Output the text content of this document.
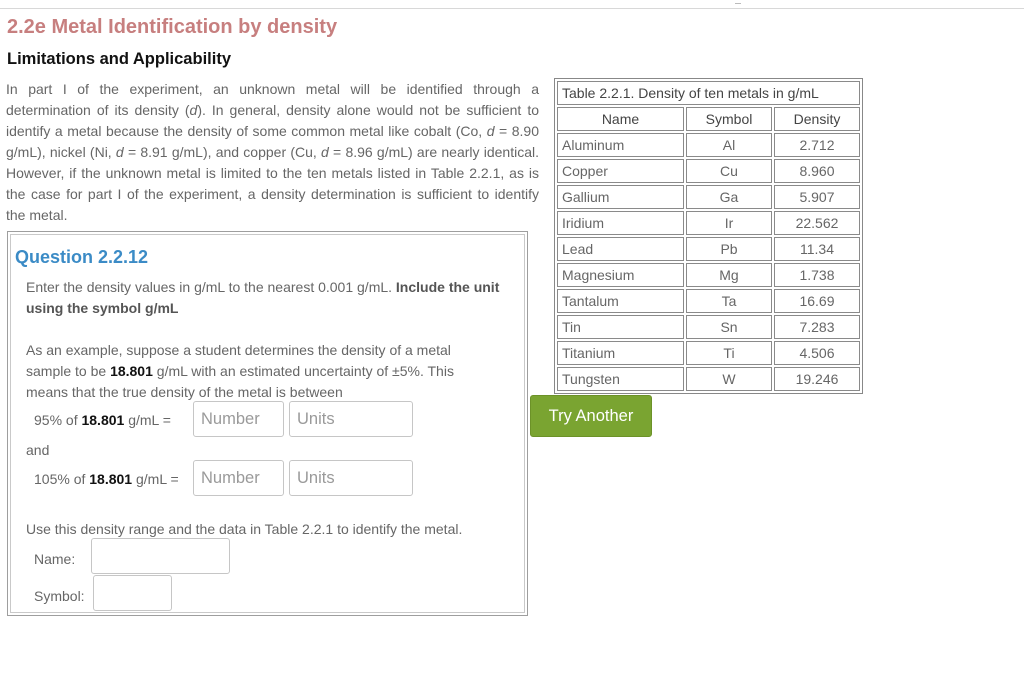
2.2e Metal Identification by density
Limitations and Applicability
In part I of the experiment, an unknown metal will be identified through a determination of its density (d). In general, density alone would not be sufficient to identify a metal because the density of some common metal like cobalt (Co, d = 8.90 g/mL), nickel (Ni, d = 8.91 g/mL), and copper (Cu, d = 8.96 g/mL) are nearly identical. However, if the unknown metal is limited to the ten metals listed in Table 2.2.1, as is the case for part I of the experiment, a density determination is sufficient to identify the metal.
Question 2.2.12
Enter the density values in g/mL to the nearest 0.001 g/mL. Include the unit using the symbol g/mL
As an example, suppose a student determines the density of a metal sample to be 18.801 g/mL with an estimated uncertainty of ±5%. This means that the true density of the metal is between
95% of 18.801 g/mL =
Number
Units
and
105% of 18.801 g/mL =
Number
Units
Use this density range and the data in Table 2.2.1 to identify the metal.
Name:
Symbol:
Table 2.2.1. Density of ten metals in g/mL		
Name	Symbol	Density
Aluminum	Al	2.712
Copper	Cu	8.960
Gallium	Ga	5.907
Iridium	Ir	22.562
Lead	Pb	11.34
Magnesium	Mg	1.738
Tantalum	Ta	16.69
Tin	Sn	7.283
Titanium	Ti	4.506
Tungsten	W	19.246
Try Another
